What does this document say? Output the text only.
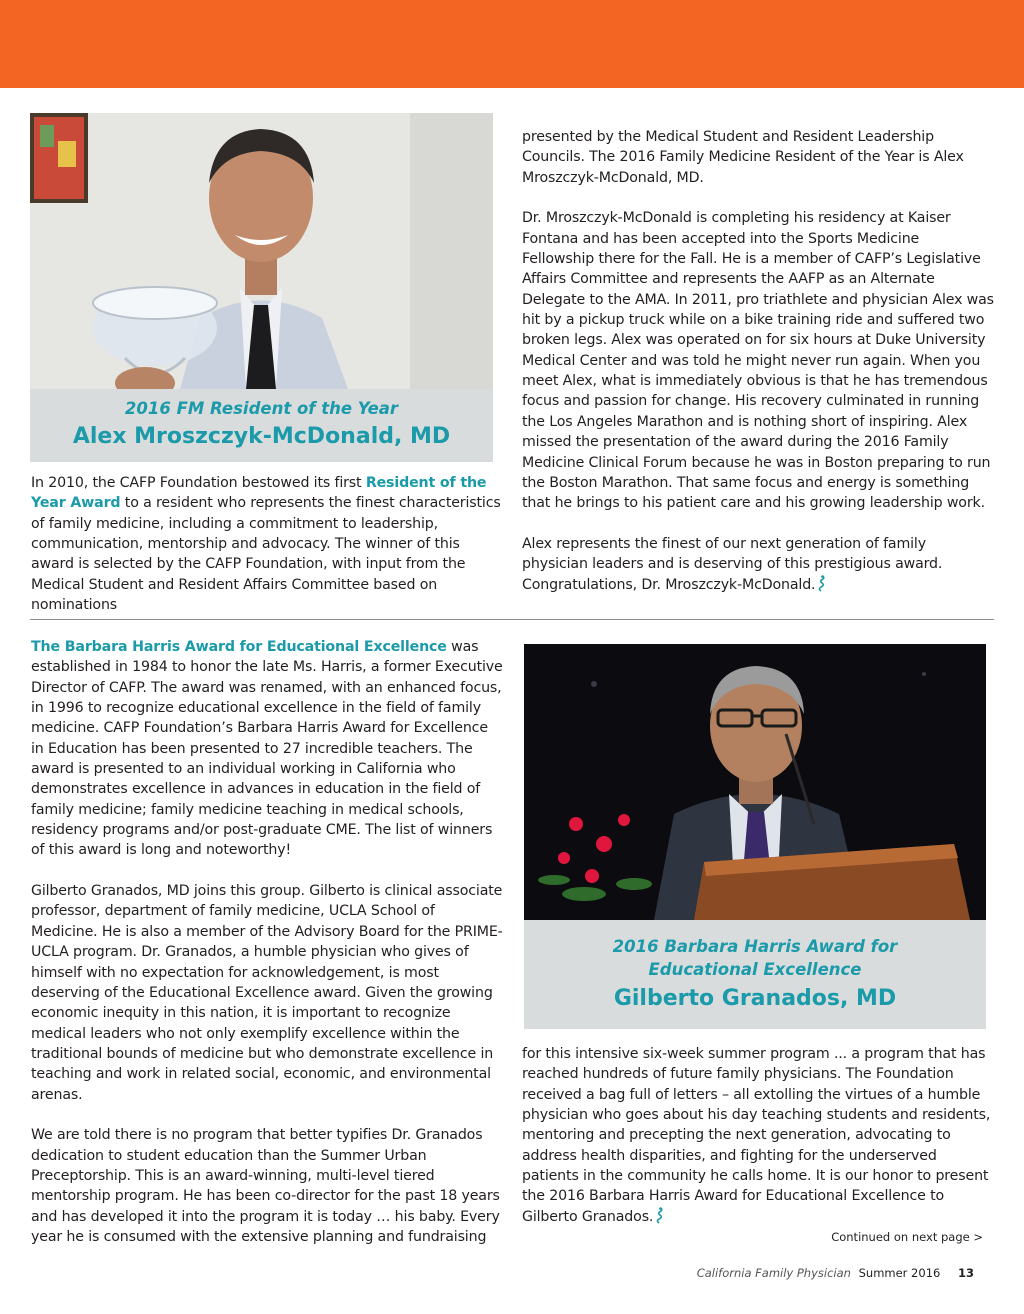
2016 FM Resident of the Year
Alex Mroszczyk-McDonald, MD

In 2010, the CAFP Foundation bestowed its first Resident of the Year Award to a resident who represents the finest characteristics of family medicine, including a commitment to leadership, communication, mentorship and advocacy. The winner of this award is selected by the CAFP Foundation, with input from the Medical Student and Resident Affairs Committee based on nominations

presented by the Medical Student and Resident Leadership Councils. The 2016 Family Medicine Resident of the Year is Alex Mroszczyk-McDonald, MD.

Dr. Mroszczyk-McDonald is completing his residency at Kaiser Fontana and has been accepted into the Sports Medicine Fellowship there for the Fall. He is a member of CAFP’s Legislative Affairs Committee and represents the AAFP as an Alternate Delegate to the AMA. In 2011, pro triathlete and physician Alex was hit by a pickup truck while on a bike training ride and suffered two broken legs. Alex was operated on for six hours at Duke University Medical Center and was told he might never run again. When you meet Alex, what is immediately obvious is that he has tremendous focus and passion for change. His recovery culminated in running the Los Angeles Marathon and is nothing short of inspiring. Alex missed the presentation of the award during the 2016 Family Medicine Clinical Forum because he was in Boston preparing to run the Boston Marathon. That same focus and energy is something that he brings to his patient care and his growing leadership work.

Alex represents the finest of our next generation of family physician leaders and is deserving of this prestigious award. Congratulations, Dr. Mroszczyk-McDonald.

The Barbara Harris Award for Educational Excellence was established in 1984 to honor the late Ms. Harris, a former Executive Director of CAFP. The award was renamed, with an enhanced focus, in 1996 to recognize educational excellence in the field of family medicine. CAFP Foundation’s Barbara Harris Award for Excellence in Education has been presented to 27 incredible teachers. The award is presented to an individual working in California who demonstrates excellence in advances in education in the field of family medicine; family medicine teaching in medical schools, residency programs and/or post-graduate CME. The list of winners of this award is long and noteworthy!

Gilberto Granados, MD joins this group. Gilberto is clinical associate professor, department of family medicine, UCLA School of Medicine. He is also a member of the Advisory Board for the PRIME-UCLA program. Dr. Granados, a humble physician who gives of himself with no expectation for acknowledgement, is most deserving of the Educational Excellence award. Given the growing economic inequity in this nation, it is important to recognize medical leaders who not only exemplify excellence within the traditional bounds of medicine but who demonstrate excellence in teaching and work in related social, economic, and environmental arenas.

We are told there is no program that better typifies Dr. Granados dedication to student education than the Summer Urban Preceptorship. This is an award-winning, multi-level tiered mentorship program. He has been co-director for the past 18 years and has developed it into the program it is today … his baby. Every year he is consumed with the extensive planning and fundraising

2016 Barbara Harris Award for
Educational Excellence
Gilberto Granados, MD

for this intensive six-week summer program ... a program that has reached hundreds of future family physicians. The Foundation received a bag full of letters – all extolling the virtues of a humble physician who goes about his day teaching students and residents, mentoring and precepting the next generation, advocating to address health disparities, and fighting for the underserved patients in the community he calls home. It is our honor to present the 2016 Barbara Harris Award for Educational Excellence to Gilberto Granados.

Continued on next page >
California Family Physician Summer 2016 13
